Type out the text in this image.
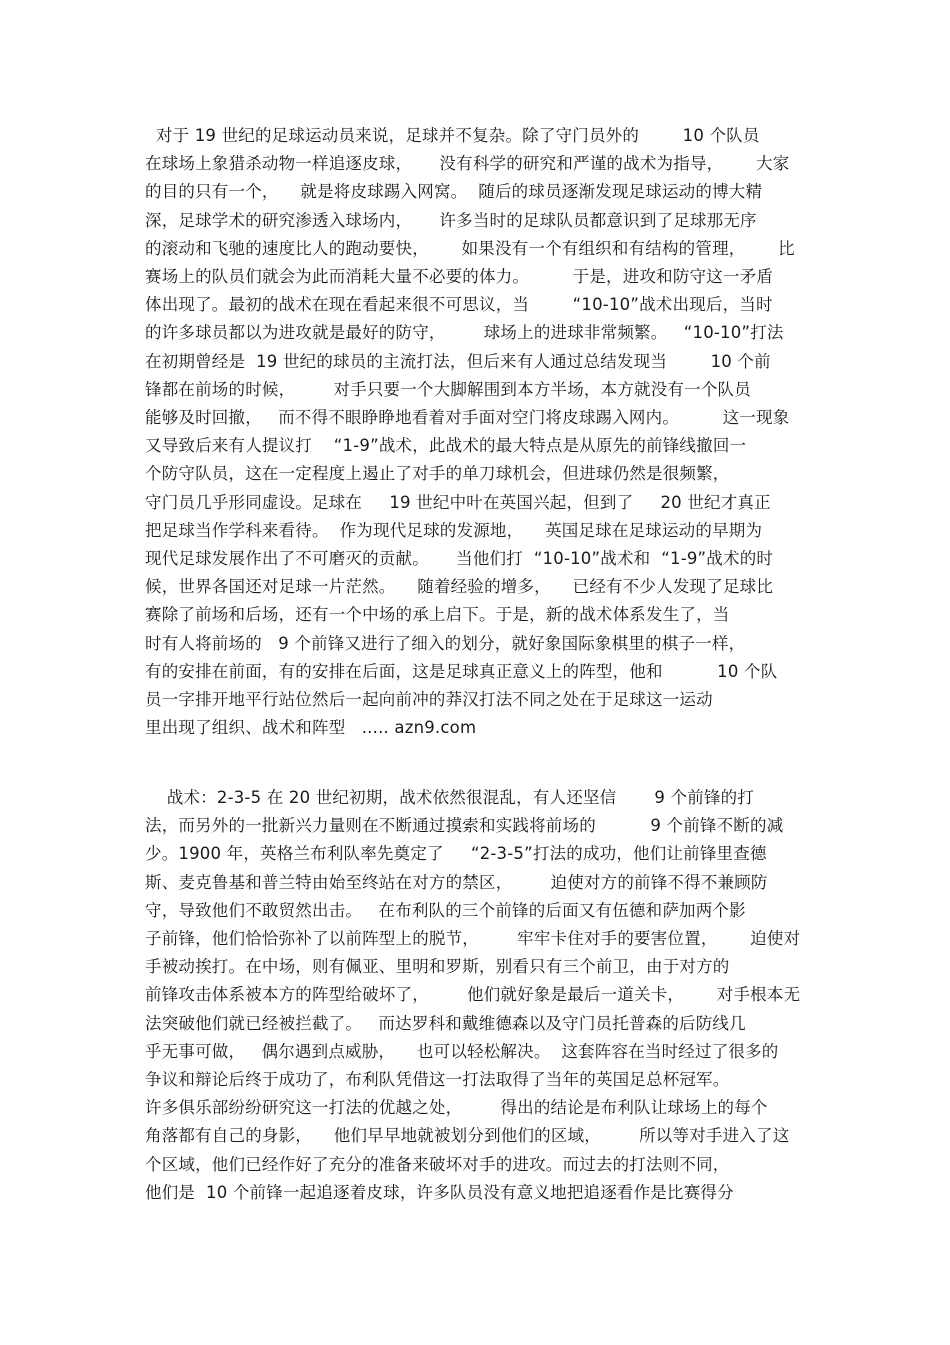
对于 19 世纪的足球运动员来说，足球并不复杂。除了守门员外的        10 个队员
在球场上象猎杀动物一样追逐皮球，     没有科学的研究和严谨的战术为指导，      大家
的目的只有一个，    就是将皮球踢入网窝。  随后的球员逐渐发现足球运动的博大精
深，足球学术的研究渗透入球场内，     许多当时的足球队员都意识到了足球那无序
的滚动和飞驰的速度比人的跑动要快，      如果没有一个有组织和有结构的管理，      比
赛场上的队员们就会为此而消耗大量不必要的体力。        于是，进攻和防守这一矛盾
体出现了。最初的战术在现在看起来很不可思议，当        “10-10”战术出现后，当时
的许多球员都以为进攻就是最好的防守，       球场上的进球非常频繁。   “10-10”打法
在初期曾经是  19 世纪的球员的主流打法，但后来有人通过总结发现当        10 个前
锋都在前场的时候，       对手只要一个大脚解围到本方半场，本方就没有一个队员
能够及时回撤，   而不得不眼睁睁地看着对手面对空门将皮球踢入网内。        这一现象
又导致后来有人提议打    “1-9”战术，此战术的最大特点是从原先的前锋线撤回一
个防守队员，这在一定程度上遏止了对手的单刀球机会，但进球仍然是很频繁，
守门员几乎形同虚设。足球在     19 世纪中叶在英国兴起，但到了     20 世纪才真正
把足球当作学科来看待。  作为现代足球的发源地，    英国足球在足球运动的早期为
现代足球发展作出了不可磨灭的贡献。     当他们打  “10-10”战术和  “1-9”战术的时
候，世界各国还对足球一片茫然。    随着经验的增多，    已经有不少人发现了足球比
赛除了前场和后场，还有一个中场的承上启下。于是，新的战术体系发生了，当
时有人将前场的   9 个前锋又进行了细入的划分，就好象国际象棋里的棋子一样，
有的安排在前面，有的安排在后面，这是足球真正意义上的阵型，他和          10 个队
员一字排开地平行站位然后一起向前冲的莽汉打法不同之处在于足球这一运动
里出现了组织、战术和阵型   ..... azn9.com
战术：2-3-5 在 20 世纪初期，战术依然很混乱，有人还坚信       9 个前锋的打
法，而另外的一批新兴力量则在不断通过摸索和实践将前场的          9 个前锋不断的减
少。1900 年，英格兰布利队率先奠定了     “2-3-5”打法的成功，他们让前锋里查德
斯、麦克鲁基和普兰特由始至终站在对方的禁区，       迫使对方的前锋不得不兼顾防
守，导致他们不敢贸然出击。   在布利队的三个前锋的后面又有伍德和萨加两个影
子前锋，他们恰恰弥补了以前阵型上的脱节，       牢牢卡住对手的要害位置，      迫使对
手被动挨打。在中场，则有佩亚、里明和罗斯，别看只有三个前卫，由于对方的
前锋攻击体系被本方的阵型给破坏了，       他们就好象是最后一道关卡，      对手根本无
法突破他们就已经被拦截了。   而达罗科和戴维德森以及守门员托普森的后防线几
乎无事可做，   偶尔遇到点威胁，    也可以轻松解决。  这套阵容在当时经过了很多的
争议和辩论后终于成功了，布利队凭借这一打法取得了当年的英国足总杯冠军。
许多俱乐部纷纷研究这一打法的优越之处，       得出的结论是布利队让球场上的每个
角落都有自己的身影，    他们早早地就被划分到他们的区域，       所以等对手进入了这
个区域，他们已经作好了充分的准备来破坏对手的进攻。而过去的打法则不同，
他们是  10 个前锋一起追逐着皮球，许多队员没有意义地把追逐看作是比赛得分
